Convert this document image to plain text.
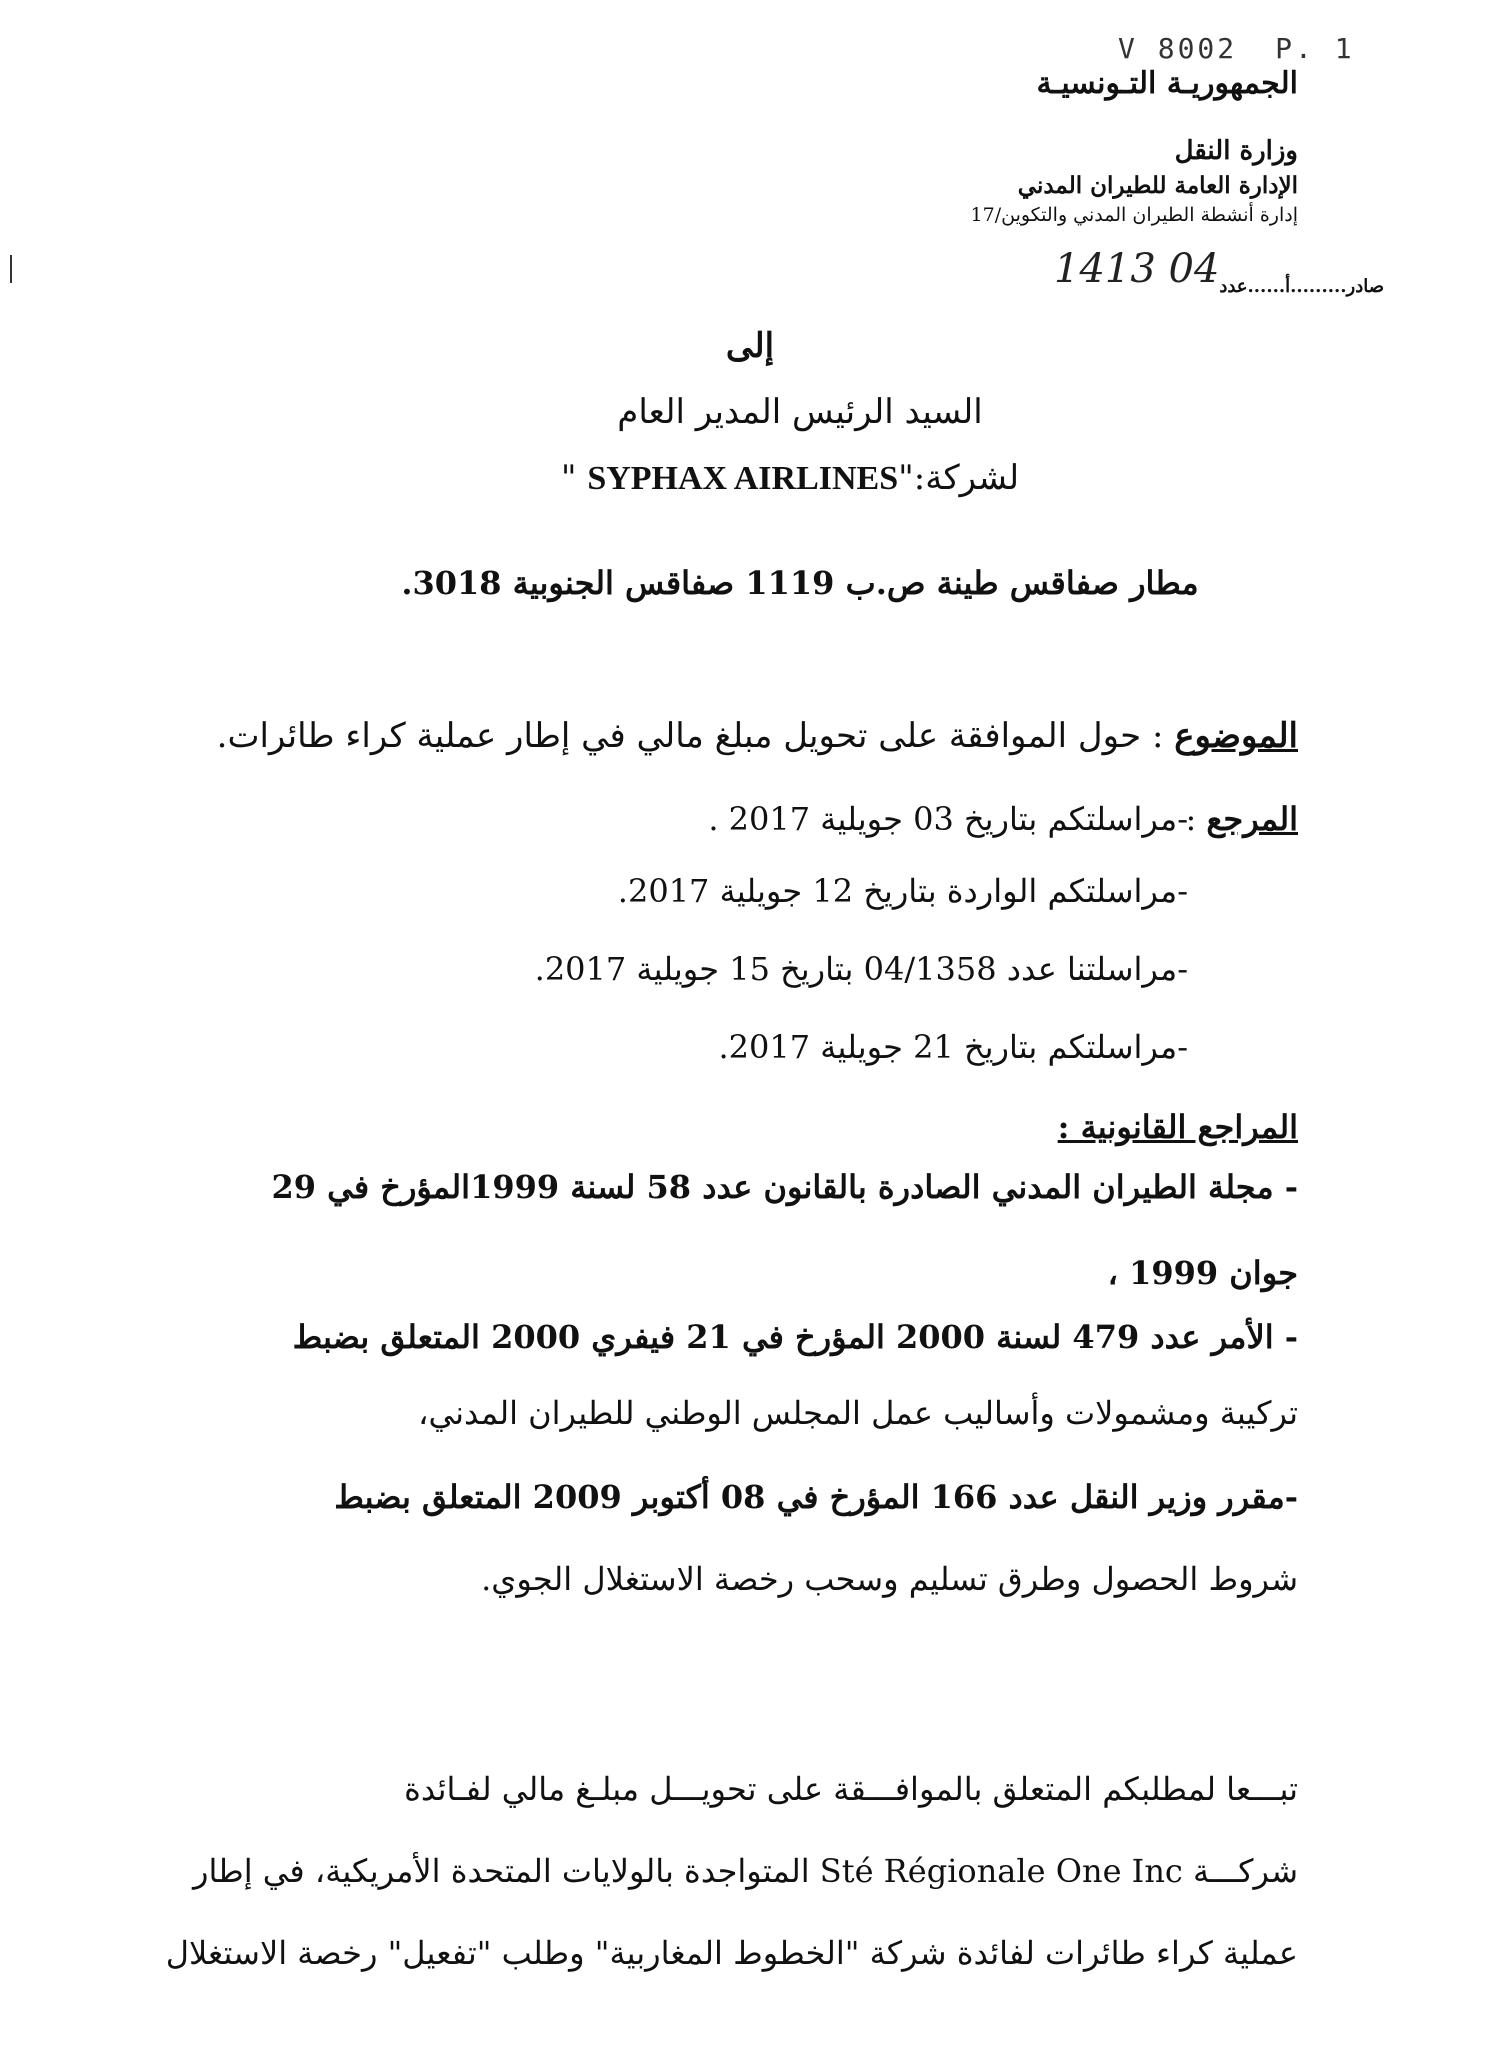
V 8002 P. 1
الجمهوريـة التـونسيـة
وزارة النقل
الإدارة العامة للطيران المدني
إدارة أنشطة الطيران المدني والتكوين/17
1413 04 صادر.........أ......عدد
إلى
السيد الرئيس المدير العام
لشركة:"SYPHAX AIRLINES "
مطار صفاقس طينة ص.ب 1119 صفاقس الجنوبية 3018.
الموضوع : حول الموافقة على تحويل مبلغ مالي في إطار عملية كراء طائرات.
المرجع :
-مراسلتكم بتاريخ 03 جويلية 2017 .
-مراسلتكم الواردة بتاريخ 12 جويلية 2017.
-مراسلتنا عدد 04/1358 بتاريخ 15 جويلية 2017.
-مراسلتكم بتاريخ 21 جويلية 2017.
المراجع القانونية :
- مجلة الطيران المدني الصادرة بالقانون عدد 58 لسنة 1999المؤرخ في 29
جوان 1999 ،
- الأمر عدد 479 لسنة 2000 المؤرخ في 21 فيفري 2000 المتعلق بضبط
تركيبة ومشمولات وأساليب عمل المجلس الوطني للطيران المدني،
-مقرر وزير النقل عدد 166 المؤرخ في 08 أكتوبر 2009 المتعلق بضبط
شروط الحصول وطرق تسليم وسحب رخصة الاستغلال الجوي.
تبـــعا لمطلبكم المتعلق بالموافـــقة على تحويـــل مبلـغ مالي لفـائدة
شركـــة Sté Régionale One Inc المتواجدة بالولايات المتحدة الأمريكية، في إطار
عملية كراء طائرات لفائدة شركة "الخطوط المغاربية" وطلب "تفعيل" رخصة الاستغلال
